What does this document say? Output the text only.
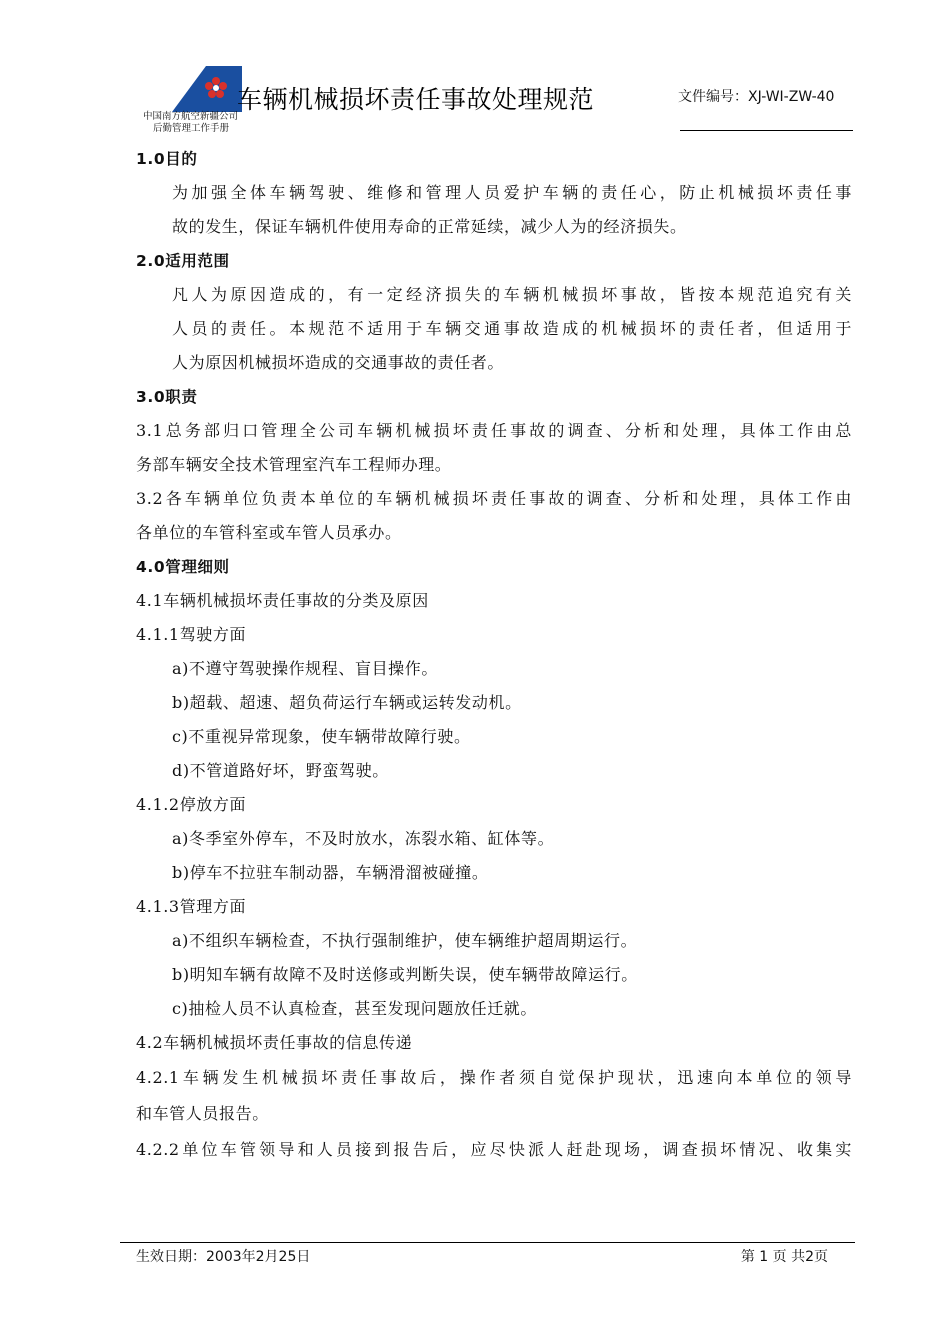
车辆机械损坏责任事故处理规范	文件编号：XJ-WI-ZW-40
中国南方航空新疆公司
后勤管理工作手册
1.0目的
为加强全体车辆驾驶、维修和管理人员爱护车辆的责任心，防止机械损坏责任事
故的发生，保证车辆机件使用寿命的正常延续，减少人为的经济损失。
2.0适用范围
凡人为原因造成的，有一定经济损失的车辆机械损坏事故，皆按本规范追究有关
人员的责任。本规范不适用于车辆交通事故造成的机械损坏的责任者，但适用于
人为原因机械损坏造成的交通事故的责任者。
3.0职责
3.1总务部归口管理全公司车辆机械损坏责任事故的调查、分析和处理，具体工作由总
务部车辆安全技术管理室汽车工程师办理。
3.2各车辆单位负责本单位的车辆机械损坏责任事故的调查、分析和处理，具体工作由
各单位的车管科室或车管人员承办。
4.0管理细则
4.1车辆机械损坏责任事故的分类及原因
4.1.1驾驶方面
a)不遵守驾驶操作规程、盲目操作。
b)超载、超速、超负荷运行车辆或运转发动机。
c)不重视异常现象，使车辆带故障行驶。
d)不管道路好坏，野蛮驾驶。
4.1.2停放方面
a)冬季室外停车，不及时放水，冻裂水箱、缸体等。
b)停车不拉驻车制动器，车辆滑溜被碰撞。
4.1.3管理方面
a)不组织车辆检查，不执行强制维护，使车辆维护超周期运行。
b)明知车辆有故障不及时送修或判断失误，使车辆带故障运行。
c)抽检人员不认真检查，甚至发现问题放任迁就。
4.2车辆机械损坏责任事故的信息传递
4.2.1车辆发生机械损坏责任事故后，操作者须自觉保护现状，迅速向本单位的领导
和车管人员报告。
4.2.2单位车管领导和人员接到报告后，应尽快派人赶赴现场，调查损坏情况、收集实
生效日期：2003年2月25日	第 1 页 共2页
